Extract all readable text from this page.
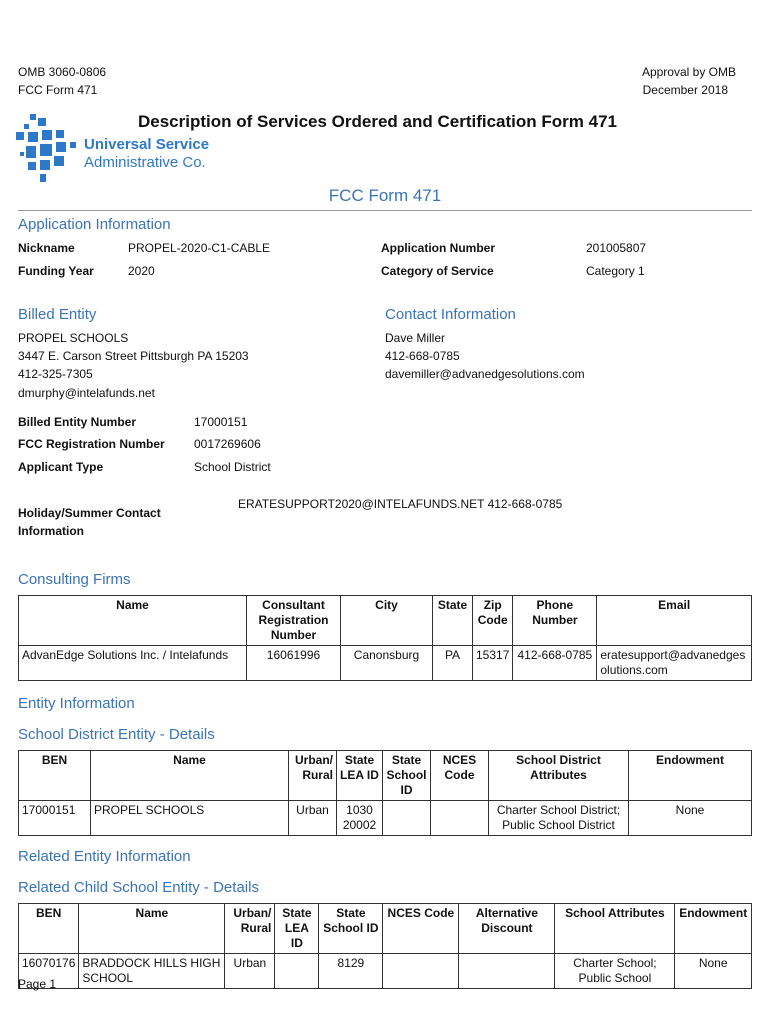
OMB 3060-0806
FCC Form 471
Approval by OMB
December 2018
Description of Services Ordered and Certification Form 471
Universal Service
Administrative Co.
FCC Form 471
Application Information
Nickname	PROPEL-2020-C1-CABLE
Funding Year	2020
Application Number	201005807
Category of Service	Category 1
Billed Entity
PROPEL SCHOOLS
3447 E. Carson Street Pittsburgh PA 15203
412-325-7305
dmurphy@intelafunds.net
Contact Information
Dave Miller
412-668-0785
davemiller@advanedgesolutions.com
Billed Entity Number	17000151
FCC Registration Number 0017269606
Applicant Type	School District
Holiday/Summer Contact
Information
ERATESUPPORT2020@INTELAFUNDS.NET 412-668-0785
Consulting Firms
Name	Consultant Registration Number	City	State	Zip Code	Phone Number	Email
AdvanEdge Solutions Inc. / Intelafunds	16061996	Canonsburg	PA	15317	412-668-0785	eratesupport@advanedgesolutions.com
Entity Information
School District Entity - Details
BEN	Name	Urban/ Rural	State LEA ID	State School ID	NCES Code	School District Attributes	Endowment
17000151	PROPEL SCHOOLS	Urban	1030 20002			Charter School District; Public School District	None
Related Entity Information
Related Child School Entity - Details
BEN	Name	Urban/ Rural	State LEA ID	State School ID	NCES Code	Alternative Discount	School Attributes	Endowment
16070176	BRADDOCK HILLS HIGH SCHOOL	Urban		8129			Charter School; Public School	None
Page 1
